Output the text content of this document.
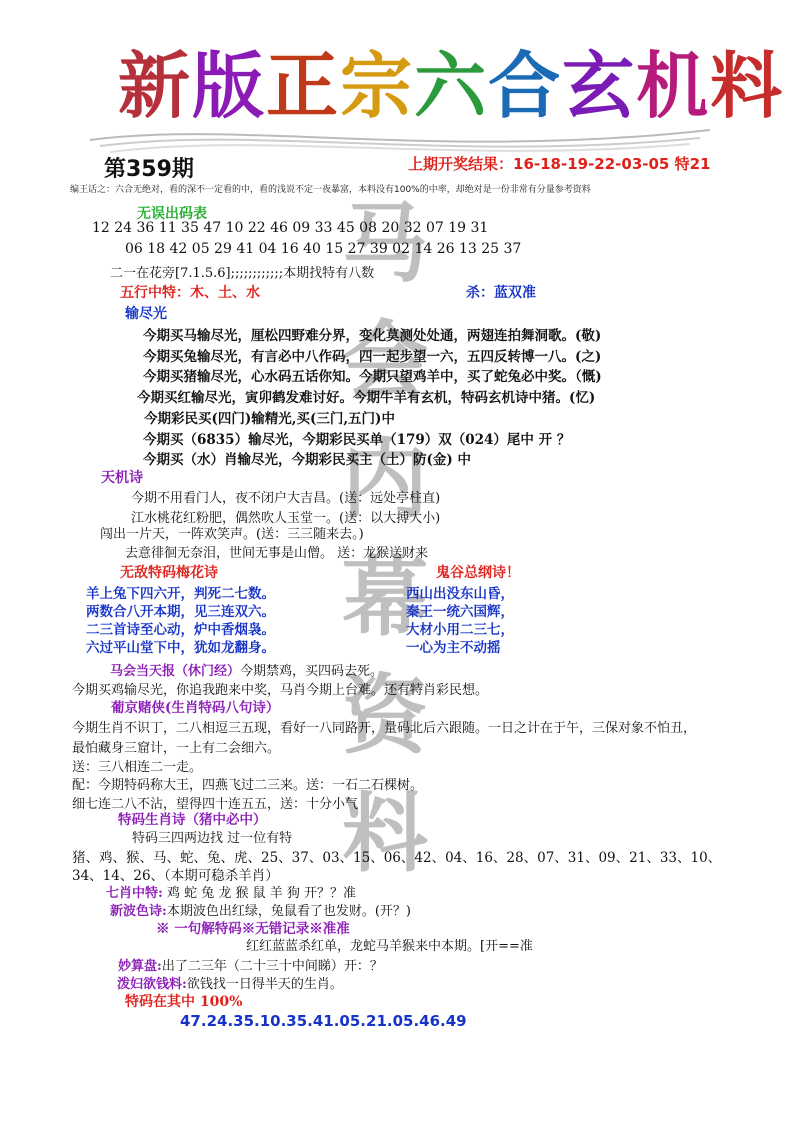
新版正宗六合玄机料
马会内幕资料
第359期	上期开奖结果：16-18-19-22-03-05 特21
编王话之：六合无绝对，看的深不一定看的中，看的浅说不定一夜暴富，本料没有100%的中率，却绝对是一份非常有分量参考资料
无误出码表
12 24 36 11 35 47 10 22 46 09 33 45 08 20 32 07 19 31
06 18 42 05 29 41 04 16 40 15 27 39 02 14 26 13 25 37
二一在花旁[7.1.5.6];;;;;;;;;;;;本期找特有八数
五行中特：木、土、水	杀：蓝双准
输尽光
今期买马输尽光，厘松四野难分界，变化莫测处处通，两翅连拍舞洞歌。(敬)
今期买兔输尽光，有言必中八作码，四一起步望一六，五四反转博一八。(之)
今期买猪输尽光，心水码五话你知。今期只望鸡羊中，买了蛇兔必中奖。（慨)
今期买红输尽光，寅卯鹤发难讨好。今期牛羊有玄机，特码玄机诗中猪。(忆)
今期彩民买(四门)输精光,买(三门,五门)中
今期买（6835）输尽光，今期彩民买单（179）双（024）尾中 开 ？
今期买（水）肖输尽光，今期彩民买主（土）防(金) 中
天机诗
今期不用看门人，夜不闭户大吉昌。(送：远处亭柱直)
江水桃花红粉肥，偶然吹人玉堂一。(送：以大搏大小)
闯出一片天，一阵欢笑声。(送：三三随来去。)
去意徘徊无奈泪，世间无事是山僧。 送：龙猴送财来
无敌特码梅花诗	鬼谷总纲诗！
羊上兔下四六开，判死二七数。
两数合八开本期，见三连双六。
二三首诗至心动，炉中香烟袅。
六过平山堂下中，犹如龙翻身。
西山出没东山昏，
秦王一统六国辉，
大材小用二三七，
一心为主不动摇
马会当天报（休门经）今期禁鸡，买四码去死。
今期买鸡输尽光，你追我跑来中奖，马肖今期上台难。还有特肖彩民想。
葡京赌侠(生肖特码八句诗）
今期生肖不识丁，二八相逗三五现，看好一八同路开，量码北后六跟随。一日之计在于午，三保对象不怕丑，
最怕藏身三窟计，一上有二会细六。
送：三八相连二一走。
配：今期特码称大王，四燕飞过二三来。送：一石二石棵树。
细七连二八不沾，望得四十连五五，送：十分小气
特码生肖诗（猪中必中）
特码三四两边找 过一位有特
猪、鸡、猴、马、蛇、兔、虎、25、37、03、15、06、42、04、16、28、07、31、09、21、33、10、
34、14、26、（本期可稳杀羊肖）
七肖中特: 鸡 蛇 兔 龙 猴 鼠 羊 狗 开？？准
新波色诗:本期波色出红绿，兔鼠看了也发财。(开？)
※ 一句解特码※无错记录※准准
红红蓝蓝杀红单，龙蛇马羊猴来中本期。[开==准
妙算盘:出了二三年（二十三十中间睇）开：？
泼妇欲钱料:欲钱找一日得半天的生肖。
特码在其中 100%
47.24.35.10.35.41.05.21.05.46.49
